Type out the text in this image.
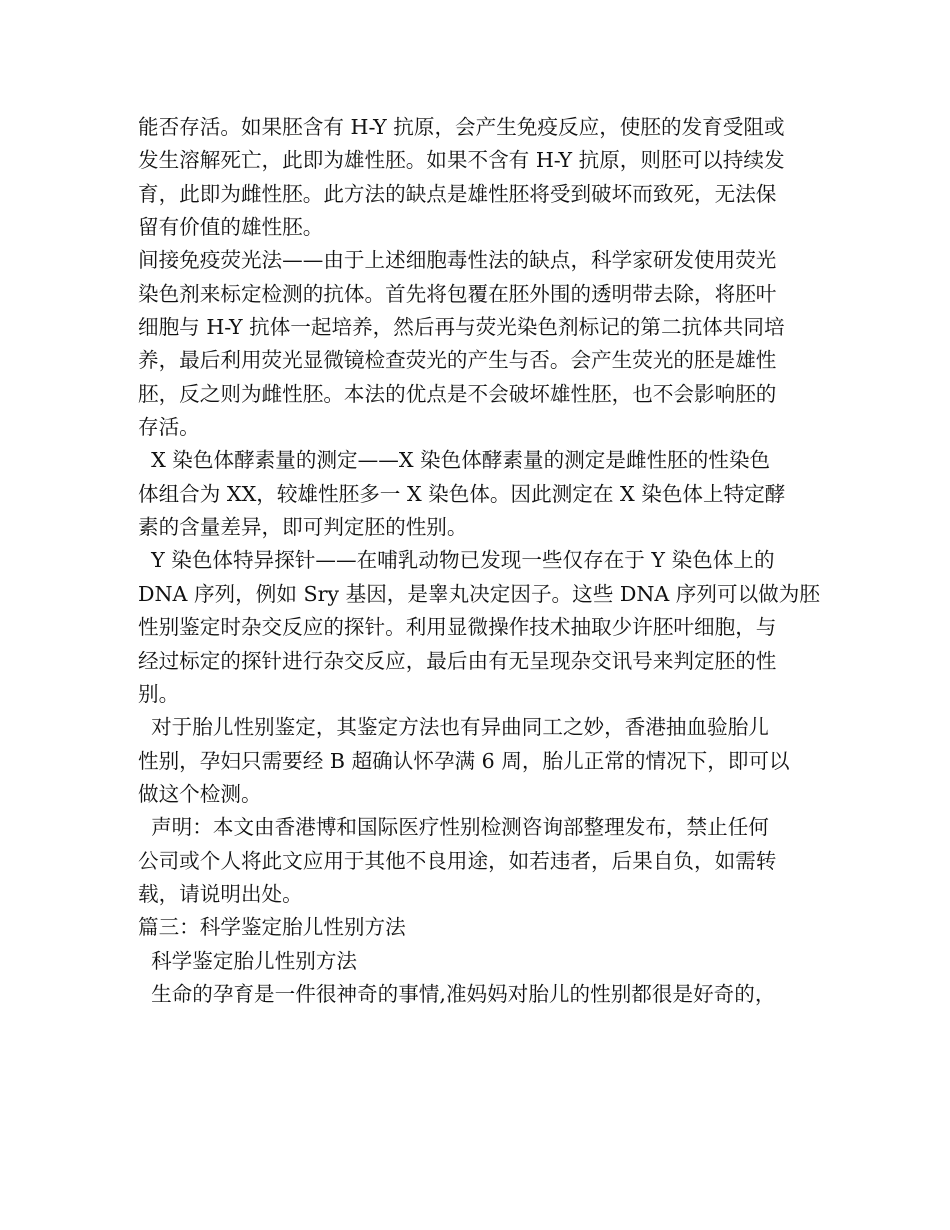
能否存活。如果胚含有 H-Y 抗原，会产生免疫反应，使胚的发育受阻或
发生溶解死亡，此即为雄性胚。如果不含有 H-Y 抗原，则胚可以持续发
育，此即为雌性胚。此方法的缺点是雄性胚将受到破坏而致死，无法保
留有价值的雄性胚。
间接免疫荧光法——由于上述细胞毒性法的缺点，科学家研发使用荧光
染色剂来标定检测的抗体。首先将包覆在胚外围的透明带去除，将胚叶
细胞与 H-Y 抗体一起培养，然后再与荧光染色剂标记的第二抗体共同培
养，最后利用荧光显微镜检查荧光的产生与否。会产生荧光的胚是雄性
胚，反之则为雌性胚。本法的优点是不会破坏雄性胚，也不会影响胚的
存活。
X 染色体酵素量的测定——X 染色体酵素量的测定是雌性胚的性染色
体组合为 XX，较雄性胚多一 X 染色体。因此测定在 X 染色体上特定酵
素的含量差异，即可判定胚的性别。
Y 染色体特异探针——在哺乳动物已发现一些仅存在于 Y 染色体上的
DNA 序列，例如 Sry 基因，是睾丸决定因子。这些 DNA 序列可以做为胚
性别鉴定时杂交反应的探针。利用显微操作技术抽取少许胚叶细胞，与
经过标定的探针进行杂交反应，最后由有无呈现杂交讯号来判定胚的性
别。
对于胎儿性别鉴定，其鉴定方法也有异曲同工之妙，香港抽血验胎儿
性别，孕妇只需要经 B 超确认怀孕满 6 周，胎儿正常的情况下，即可以
做这个检测。
声明：本文由香港博和国际医疗性别检测咨询部整理发布，禁止任何
公司或个人将此文应用于其他不良用途，如若违者，后果自负，如需转
载，请说明出处。
篇三：科学鉴定胎儿性别方法
科学鉴定胎儿性别方法
生命的孕育是一件很神奇的事情,准妈妈对胎儿的性别都很是好奇的，
